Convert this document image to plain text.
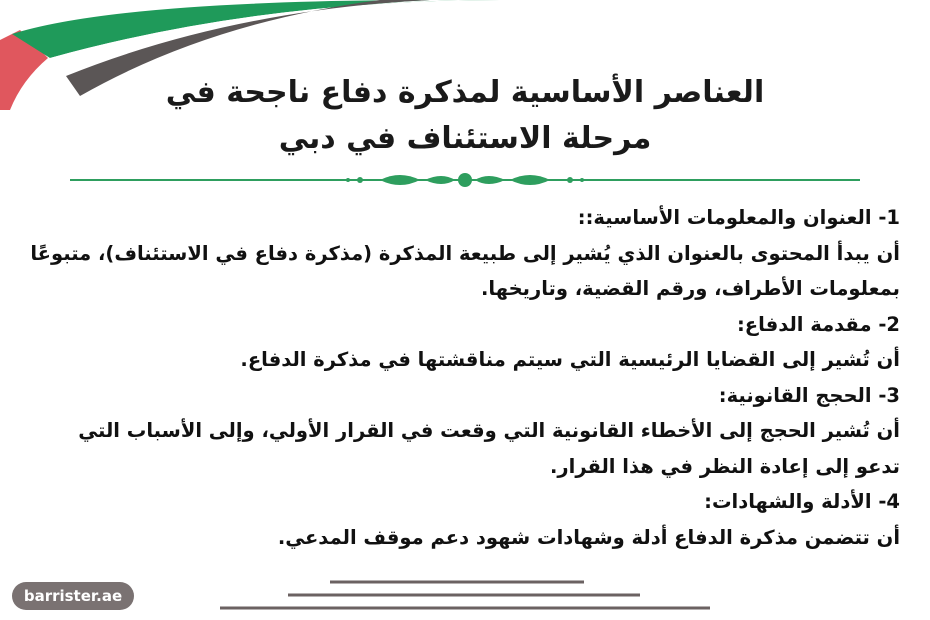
العناصر الأساسية لمذكرة دفاع ناجحة في
مرحلة الاستئناف في دبي

1- العنوان والمعلومات الأساسية::

أن يبدأ المحتوى بالعنوان الذي يُشير إلى طبيعة المذكرة (مذكرة دفاع في الاستئناف)، متبوعًا بمعلومات الأطراف، ورقم القضية، وتاريخها.

2- مقدمة الدفاع:

أن تُشير إلى القضايا الرئيسية التي سيتم مناقشتها في مذكرة الدفاع.

3- الحجج القانونية:

أن تُشير الحجج إلى الأخطاء القانونية التي وقعت في القرار الأولي، وإلى الأسباب التي تدعو إلى إعادة النظر في هذا القرار.

4- الأدلة والشهادات:

أن تتضمن مذكرة الدفاع أدلة وشهادات شهود دعم موقف المدعي.

barrister.ae
